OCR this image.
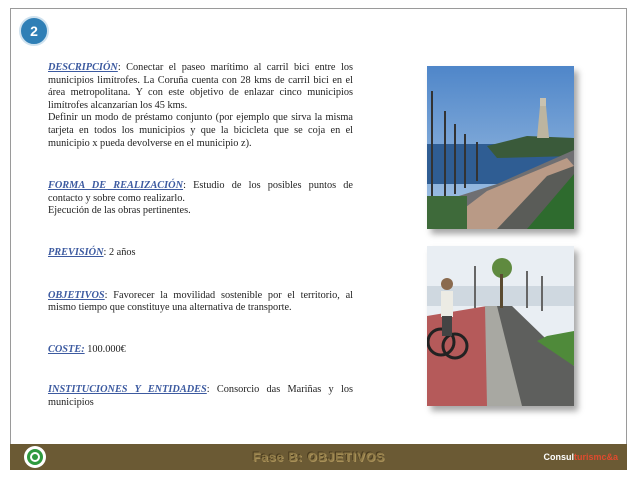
2

DESCRIPCIÓN: Conectar el paseo marítimo al carril bici entre los municipios limítrofes. La Coruña cuenta con 28 kms de carril bici en el área metropolitana. Y con este objetivo de enlazar cinco municipios limítrofes alcanzarían los 45 kms.

Definir un modo de préstamo conjunto (por ejemplo que sirva la misma tarjeta en todos los municipios y que la bicicleta que se coja en el municipio x pueda devolverse en el municipio z).

FORMA DE REALIZACIÓN: Estudio de los posibles puntos de contacto y sobre como realizarlo.

Ejecución de las obras pertinentes.

PREVISIÓN: 2 años

OBJETIVOS: Favorecer la movilidad sostenible por el territorio, al mismo tiempo que constituye una alternativa de transporte.

COSTE: 100.000€

INSTITUCIONES Y ENTIDADES: Consorcio das Mariñas y los municipios

Fase B: OBJETIVOS	Consulturismc&a
